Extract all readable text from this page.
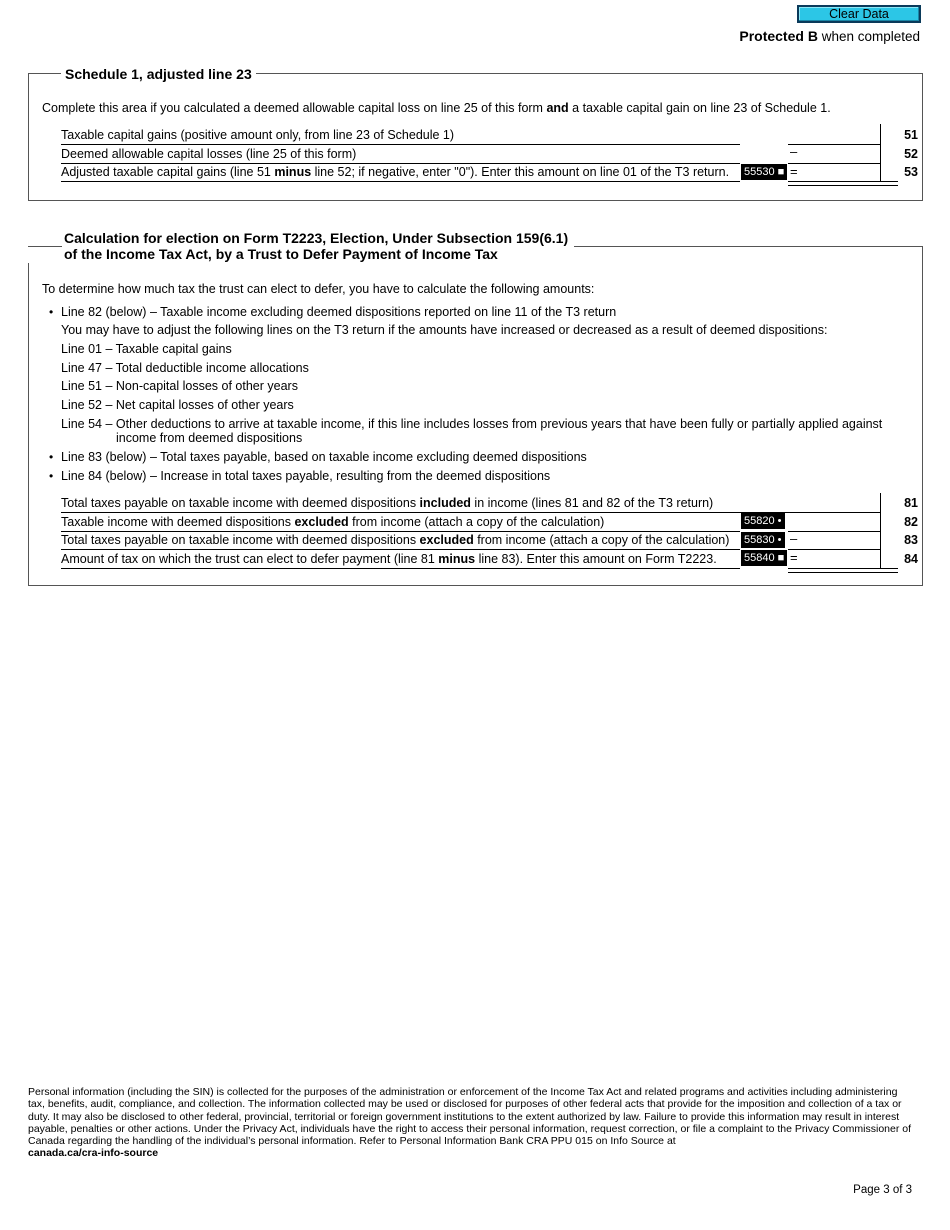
Clear Data
Protected B when completed
Schedule 1, adjusted line 23
Complete this area if you calculated a deemed allowable capital loss on line 25 of this form and a taxable capital gain on line 23 of Schedule 1.
Taxable capital gains (positive amount only, from line 23 of Schedule 1)	51
Deemed allowable capital losses (line 25 of this form)	–	52
Adjusted taxable capital gains (line 51 minus line 52; if negative, enter "0"). Enter this amount on line 01 of the T3 return. 55530 ■ =	53
Calculation for election on Form T2223, Election, Under Subsection 159(6.1)
of the Income Tax Act, by a Trust to Defer Payment of Income Tax
To determine how much tax the trust can elect to defer, you have to calculate the following amounts:
• Line 82 (below) – Taxable income excluding deemed dispositions reported on line 11 of the T3 return
You may have to adjust the following lines on the T3 return if the amounts have increased or decreased as a result of deemed dispositions:
Line 01 – Taxable capital gains
Line 47 – Total deductible income allocations
Line 51 – Non-capital losses of other years
Line 52 – Net capital losses of other years
Line 54 – Other deductions to arrive at taxable income, if this line includes losses from previous years that have been fully or partially applied against
income from deemed dispositions
• Line 83 (below) – Total taxes payable, based on taxable income excluding deemed dispositions
• Line 84 (below) – Increase in total taxes payable, resulting from the deemed dispositions
Total taxes payable on taxable income with deemed dispositions included in income (lines 81 and 82 of the T3 return)	81
Taxable income with deemed dispositions excluded from income (attach a copy of the calculation)	55820 •	82
Total taxes payable on taxable income with deemed dispositions excluded from income (attach a copy of the calculation) 55830 • –	83
Amount of tax on which the trust can elect to defer payment (line 81 minus line 83). Enter this amount on Form T2223. 55840 ■ =	84
Personal information (including the SIN) is collected for the purposes of the administration or enforcement of the Income Tax Act and related programs and activities including administering tax, benefits, audit, compliance, and collection. The information collected may be used or disclosed for purposes of other federal acts that provide for the imposition and collection of a tax or duty. It may also be disclosed to other federal, provincial, territorial or foreign government institutions to the extent authorized by law. Failure to provide this information may result in interest payable, penalties or other actions. Under the Privacy Act, individuals have the right to access their personal information, request correction, or file a complaint to the Privacy Commissioner of Canada regarding the handling of the individual’s personal information. Refer to Personal Information Bank CRA PPU 015 on Info Source at
canada.ca/cra-info-source
Page 3 of 3
